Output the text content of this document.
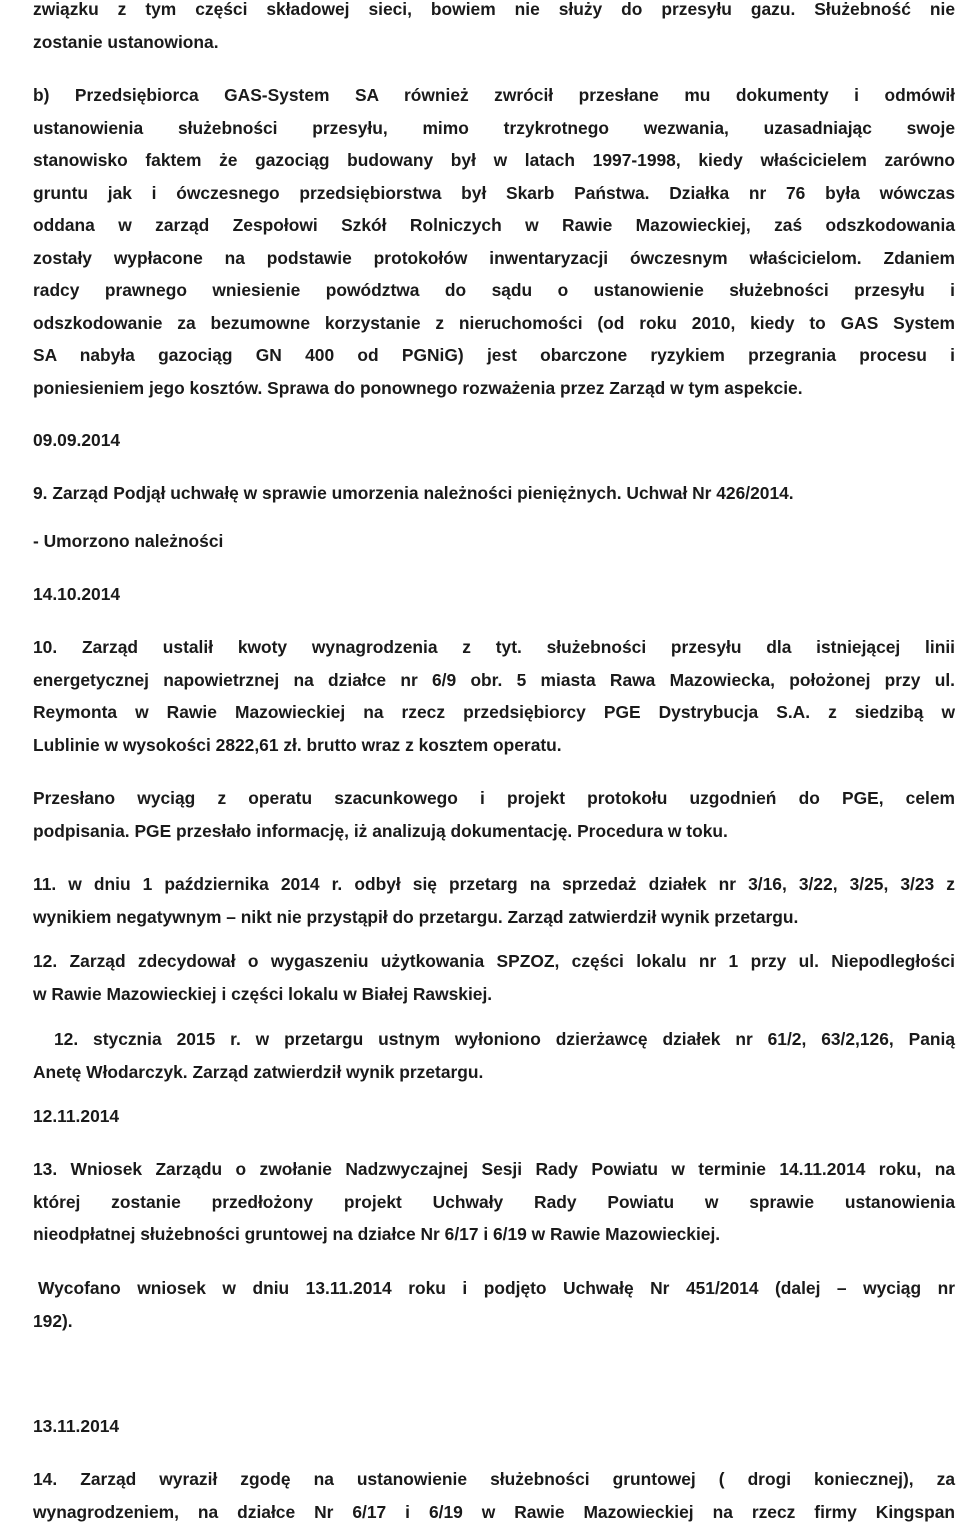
związku z tym części składowej sieci, bowiem nie służy do przesyłu gazu. Służebność nie
zostanie ustanowiona.
b) Przedsiębiorca GAS-System SA również zwrócił przesłane mu dokumenty i odmówił
ustanowienia służebności przesyłu, mimo trzykrotnego wezwania, uzasadniając swoje
stanowisko faktem że gazociąg budowany był w latach 1997-1998, kiedy właścicielem zarówno
gruntu jak i ówczesnego przedsiębiorstwa był Skarb Państwa. Działka nr 76 była wówczas
oddana w zarząd Zespołowi Szkół Rolniczych w Rawie Mazowieckiej, zaś odszkodowania
zostały wypłacone na podstawie protokołów inwentaryzacji ówczesnym właścicielom. Zdaniem
radcy prawnego wniesienie powództwa do sądu o ustanowienie służebności przesyłu i
odszkodowanie za bezumowne korzystanie z nieruchomości (od roku 2010, kiedy to GAS System
SA nabyła gazociąg GN 400 od PGNiG) jest obarczone ryzykiem przegrania procesu i
poniesieniem jego kosztów. Sprawa do ponownego rozważenia przez Zarząd w tym aspekcie.
09.09.2014
9. Zarząd Podjął uchwałę w sprawie umorzenia należności pieniężnych. Uchwał Nr 426/2014.
- Umorzono należności
14.10.2014
10. Zarząd ustalił kwoty wynagrodzenia z tyt. służebności przesyłu dla istniejącej linii
energetycznej napowietrznej na działce nr 6/9 obr. 5 miasta Rawa Mazowiecka, położonej przy ul.
Reymonta w Rawie Mazowieckiej na rzecz przedsiębiorcy PGE Dystrybucja S.A. z siedzibą w
Lublinie w wysokości 2822,61 zł. brutto wraz z kosztem operatu.
Przesłano wyciąg z operatu szacunkowego i projekt protokołu uzgodnień do PGE, celem
podpisania. PGE przesłało informację, iż analizują dokumentację. Procedura w toku.
11. w dniu 1 października 2014 r. odbył się przetarg na sprzedaż działek nr 3/16, 3/22, 3/25, 3/23 z
wynikiem negatywnym – nikt nie przystąpił do przetargu. Zarząd zatwierdził wynik przetargu.
12. Zarząd zdecydował o wygaszeniu użytkowania SPZOZ, części lokalu nr 1 przy ul. Niepodległości
w Rawie Mazowieckiej i części lokalu w Białej Rawskiej.
12. stycznia 2015 r. w przetargu ustnym wyłoniono dzierżawcę działek nr 61/2, 63/2,126, Panią
Anetę Włodarczyk. Zarząd zatwierdził wynik przetargu.
12.11.2014
13. Wniosek Zarządu o zwołanie Nadzwyczajnej Sesji Rady Powiatu w terminie 14.11.2014 roku, na
której zostanie przedłożony projekt Uchwały Rady Powiatu w sprawie ustanowienia
nieodpłatnej służebności gruntowej na działce Nr 6/17 i 6/19 w Rawie Mazowieckiej.
Wycofano wniosek w dniu 13.11.2014 roku i podjęto Uchwałę Nr 451/2014 (dalej – wyciąg nr
192).
13.11.2014
14. Zarząd wyraził zgodę na ustanowienie służebności gruntowej ( drogi koniecznej), za
wynagrodzeniem, na działce Nr 6/17 i 6/19 w Rawie Mazowieckiej na rzecz firmy Kingspan
